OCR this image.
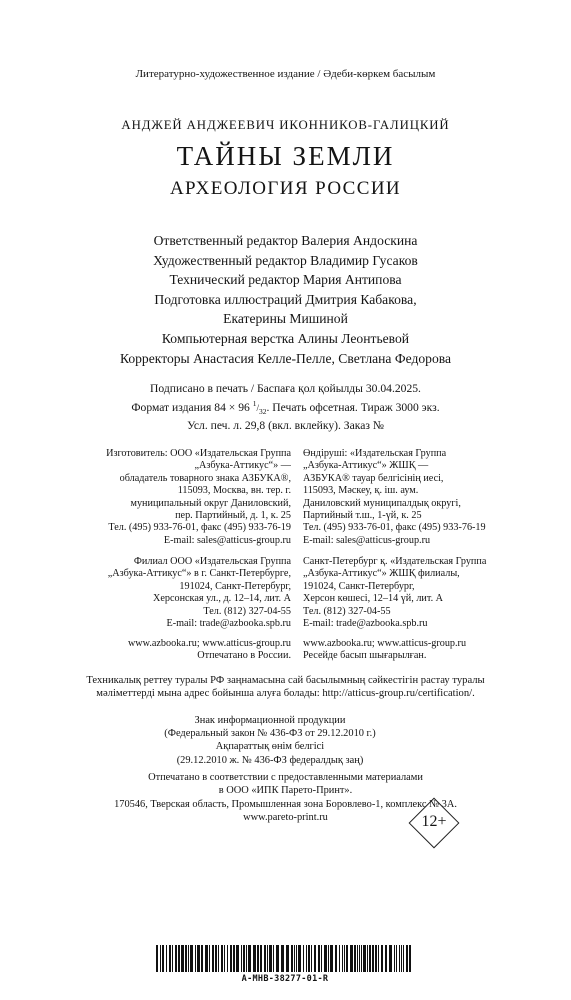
Литературно-художественное издание / Әдеби-көркем басылым
АНДЖЕЙ АНДЖЕЕВИЧ ИКОННИКОВ-ГАЛИЦКИЙ
ТАЙНЫ ЗЕМЛИ
АРХЕОЛОГИЯ РОССИИ
Ответственный редактор Валерия Андоскина
Художественный редактор Владимир Гусаков
Технический редактор Мария Антипова
Подготовка иллюстраций Дмитрия Кабакова,
Екатерины Мишиной
Компьютерная верстка Алины Леонтьевой
Корректоры Анастасия Келле-Пелле, Светлана Федорова
Подписано в печать / Баспаға қол қойылды 30.04.2025.
Формат издания 84 × 96 $^1/_{32}$. Печать офсетная. Тираж 3000 экз.
Усл. печ. л. 29,8 (вкл. вклейку). Заказ №
Изготовитель: ООО «Издательская Группа
„Азбука-Аттикус“» —
обладатель товарного знака АЗБУКА®,
115093, Москва, вн. тер. г.
муниципальный округ Даниловский,
пер. Партийный, д. 1, к. 25
Тел. (495) 933-76-01, факс (495) 933-76-19
E-mail: sales@atticus-group.ru
Өндіруші: «Издательская Группа
„Азбука-Аттикус“» ЖШҚ —
АЗБУКА® тауар белгісінің иесі,
115093, Мәскеу, қ. іш. аум.
Даниловский муниципалдық округі,
Партийный т.ш., 1-үй, к. 25
Тел. (495) 933-76-01, факс (495) 933-76-19
E-mail: sales@atticus-group.ru
Филиал ООО «Издательская Группа
„Азбука-Аттикус“» в г. Санкт-Петербурге,
191024, Санкт-Петербург,
Херсонская ул., д. 12–14, лит. А
Тел. (812) 327-04-55
E-mail: trade@azbooka.spb.ru
Санкт-Петербург қ. «Издательская Группа
„Азбука-Аттикус“» ЖШҚ филиалы,
191024, Санкт-Петербург,
Херсон көшесі, 12–14 үй, лит. А
Тел. (812) 327-04-55
E-mail: trade@azbooka.spb.ru
www.azbooka.ru; www.atticus-group.ru
Отпечатано в России.
www.azbooka.ru; www.atticus-group.ru
Ресейде басып шығарылған.
Техникалық реттеу туралы РФ заңнамасына сай басылымның сәйкестігін растау туралы
мәліметтерді мына адрес бойынша алуға болады: http://atticus-group.ru/certification/.
Знак информационной продукции
(Федеральный закон № 436-ФЗ от 29.12.2010 г.)
Ақпараттық өнім белгісі
(29.12.2010 ж. № 436-ФЗ федералдық заң)
12+
Отпечатано в соответствии с предоставленными материалами
в ООО «ИПК Парето-Принт».
170546, Тверская область, Промышленная зона Боровлево-1, комплекс № 3А.
www.pareto-print.ru
А-МНВ-38277-01-R
